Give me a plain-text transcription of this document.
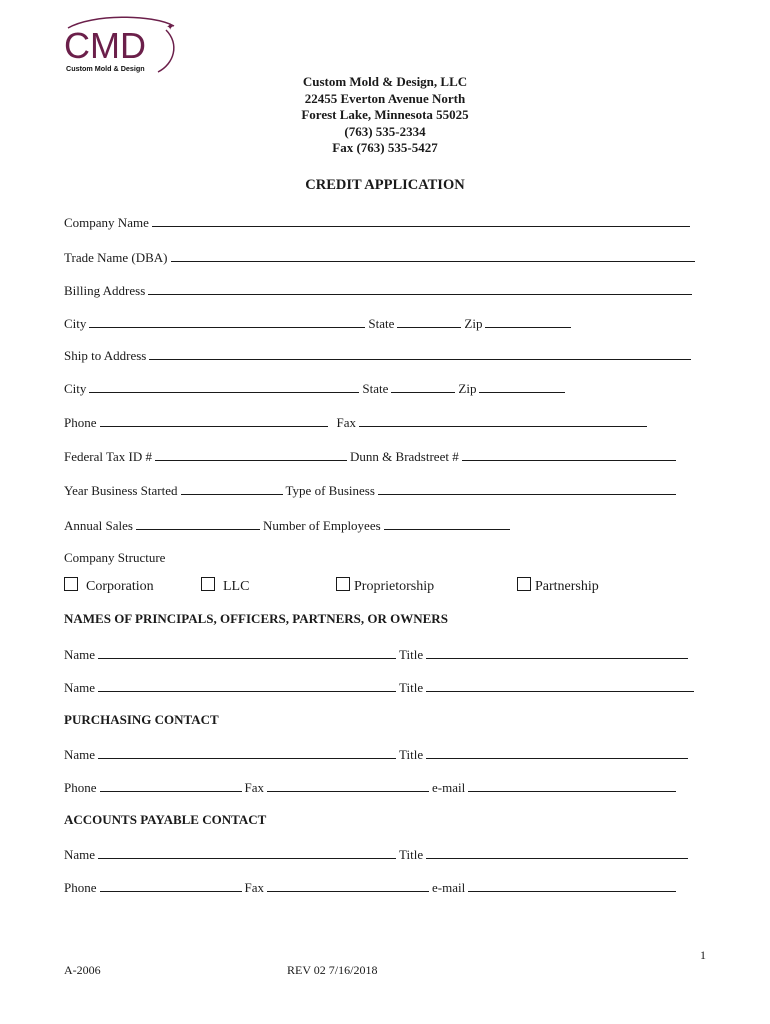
CMD ✦
Custom Mold & Design
Custom Mold & Design, LLC
22455 Everton Avenue North
Forest Lake, Minnesota 55025
(763) 535-2334
Fax (763) 535-5427
CREDIT APPLICATION
Company Name
Trade Name (DBA)
Billing Address
City	State	Zip
Ship to Address
City	State	Zip
Phone	Fax
Federal Tax ID #	Dunn & Bradstreet #
Year Business Started	Type of Business
Annual Sales	Number of Employees
Company Structure
Corporation	LLC	Proprietorship	Partnership
NAMES OF PRINCIPALS, OFFICERS, PARTNERS, OR OWNERS
Name	Title
Name	Title
PURCHASING CONTACT
Name	Title
Phone	Fax	e-mail
ACCOUNTS PAYABLE CONTACT
Name	Title
Phone	Fax	e-mail
1
A-2006	REV 02 7/16/2018
